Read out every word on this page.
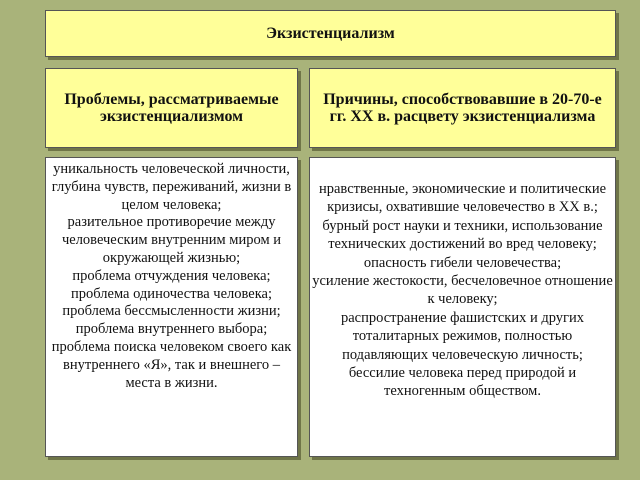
Экзистенциализм
Проблемы, рассматриваемые экзистенциализмом
Причины, способствовавшие в 20-70-е гг. XX в. расцвету экзистенциализма
уникальность человеческой личности, глубина чувств, переживаний, жизни в целом человека;
разительное противоречие между человеческим внутренним миром и окружающей жизнью;
проблема отчуждения человека;
проблема одиночества человека;
проблема бессмысленности жизни;
проблема внутреннего выбора;
проблема поиска человеком своего как внутреннего «Я», так и внешнего – места в жизни.
нравственные, экономические и политические кризисы, охватившие человечество в XX в.;
бурный рост науки и техники, использование технических достижений во вред человеку;
опасность гибели человечества;
усиление жестокости, бесчеловечное отношение к человеку;
распространение фашистских и других тоталитарных режимов, полностью подавляющих человеческую личность;
бессилие человека перед природой и техногенным обществом.
